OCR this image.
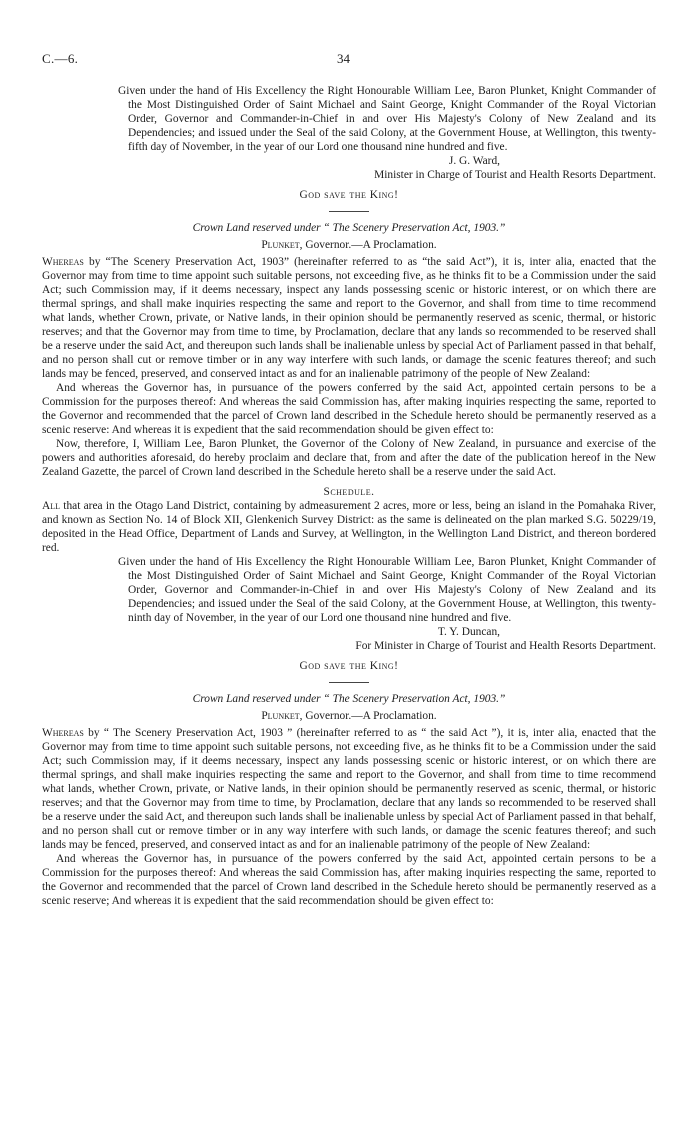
C.—6.	34

Given under the hand of His Excellency the Right Honourable William Lee, Baron Plunket, Knight Commander of the Most Distinguished Order of Saint Michael and Saint George, Knight Commander of the Royal Victorian Order, Governor and Commander-in-Chief in and over His Majesty's Colony of New Zealand and its Dependencies; and issued under the Seal of the said Colony, at the Government House, at Wellington, this twenty-fifth day of November, in the year of our Lord one thousand nine hundred and five.

J. G. Ward,
Minister in Charge of Tourist and Health Resorts Department.
God save the King!
Crown Land reserved under “ The Scenery Preservation Act, 1903.”
Plunket, Governor.—A Proclamation.

Whereas by “The Scenery Preservation Act, 1903” (hereinafter referred to as “the said Act”), it is, inter alia, enacted that the Governor may from time to time appoint such suitable persons, not exceeding five, as he thinks fit to be a Commission under the said Act; such Commission may, if it deems necessary, inspect any lands possessing scenic or historic interest, or on which there are thermal springs, and shall make inquiries respecting the same and report to the Governor, and shall from time to time recommend what lands, whether Crown, private, or Native lands, in their opinion should be permanently reserved as scenic, thermal, or historic reserves; and that the Governor may from time to time, by Proclamation, declare that any lands so recommended to be reserved shall be a reserve under the said Act, and thereupon such lands shall be inalienable unless by special Act of Parliament passed in that behalf, and no person shall cut or remove timber or in any way interfere with such lands, or damage the scenic features thereof; and such lands may be fenced, preserved, and conserved intact as and for an inalienable patrimony of the people of New Zealand:

And whereas the Governor has, in pursuance of the powers conferred by the said Act, appointed certain persons to be a Commission for the purposes thereof: And whereas the said Commission has, after making inquiries respecting the same, reported to the Governor and recommended that the parcel of Crown land described in the Schedule hereto should be permanently reserved as a scenic reserve: And whereas it is expedient that the said recommendation should be given effect to:

Now, therefore, I, William Lee, Baron Plunket, the Governor of the Colony of New Zealand, in pursuance and exercise of the powers and authorities aforesaid, do hereby proclaim and declare that, from and after the date of the publication hereof in the New Zealand Gazette, the parcel of Crown land described in the Schedule hereto shall be a reserve under the said Act.

Schedule.

All that area in the Otago Land District, containing by admeasurement 2 acres, more or less, being an island in the Pomahaka River, and known as Section No. 14 of Block XII, Glenkenich Survey District: as the same is delineated on the plan marked S.G. 50229/19, deposited in the Head Office, Department of Lands and Survey, at Wellington, in the Wellington Land District, and thereon bordered red.

Given under the hand of His Excellency the Right Honourable William Lee, Baron Plunket, Knight Commander of the Most Distinguished Order of Saint Michael and Saint George, Knight Commander of the Royal Victorian Order, Governor and Commander-in-Chief in and over His Majesty's Colony of New Zealand and its Dependencies; and issued under the Seal of the said Colony, at the Government House, at Wellington, this twenty-ninth day of November, in the year of our Lord one thousand nine hundred and five.

T. Y. Duncan,
For Minister in Charge of Tourist and Health Resorts Department.
God save the King!
Crown Land reserved under “ The Scenery Preservation Act, 1903.”
Plunket, Governor.—A Proclamation.

Whereas by “ The Scenery Preservation Act, 1903 ” (hereinafter referred to as “ the said Act ”), it is, inter alia, enacted that the Governor may from time to time appoint such suitable persons, not exceeding five, as he thinks fit to be a Commission under the said Act; such Commission may, if it deems necessary, inspect any lands possessing scenic or historic interest, or on which there are thermal springs, and shall make inquiries respecting the same and report to the Governor, and shall from time to time recommend what lands, whether Crown, private, or Native lands, in their opinion should be permanently reserved as scenic, thermal, or historic reserves; and that the Governor may from time to time, by Proclamation, declare that any lands so recommended to be reserved shall be a reserve under the said Act, and thereupon such lands shall be inalienable unless by special Act of Parliament passed in that behalf, and no person shall cut or remove timber or in any way interfere with such lands, or damage the scenic features thereof; and such lands may be fenced, preserved, and conserved intact as and for an inalienable patrimony of the people of New Zealand:

And whereas the Governor has, in pursuance of the powers conferred by the said Act, appointed certain persons to be a Commission for the purposes thereof: And whereas the said Commission has, after making inquiries respecting the same, reported to the Governor and recommended that the parcel of Crown land described in the Schedule hereto should be permanently reserved as a scenic reserve; And whereas it is expedient that the said recommendation should be given effect to:
